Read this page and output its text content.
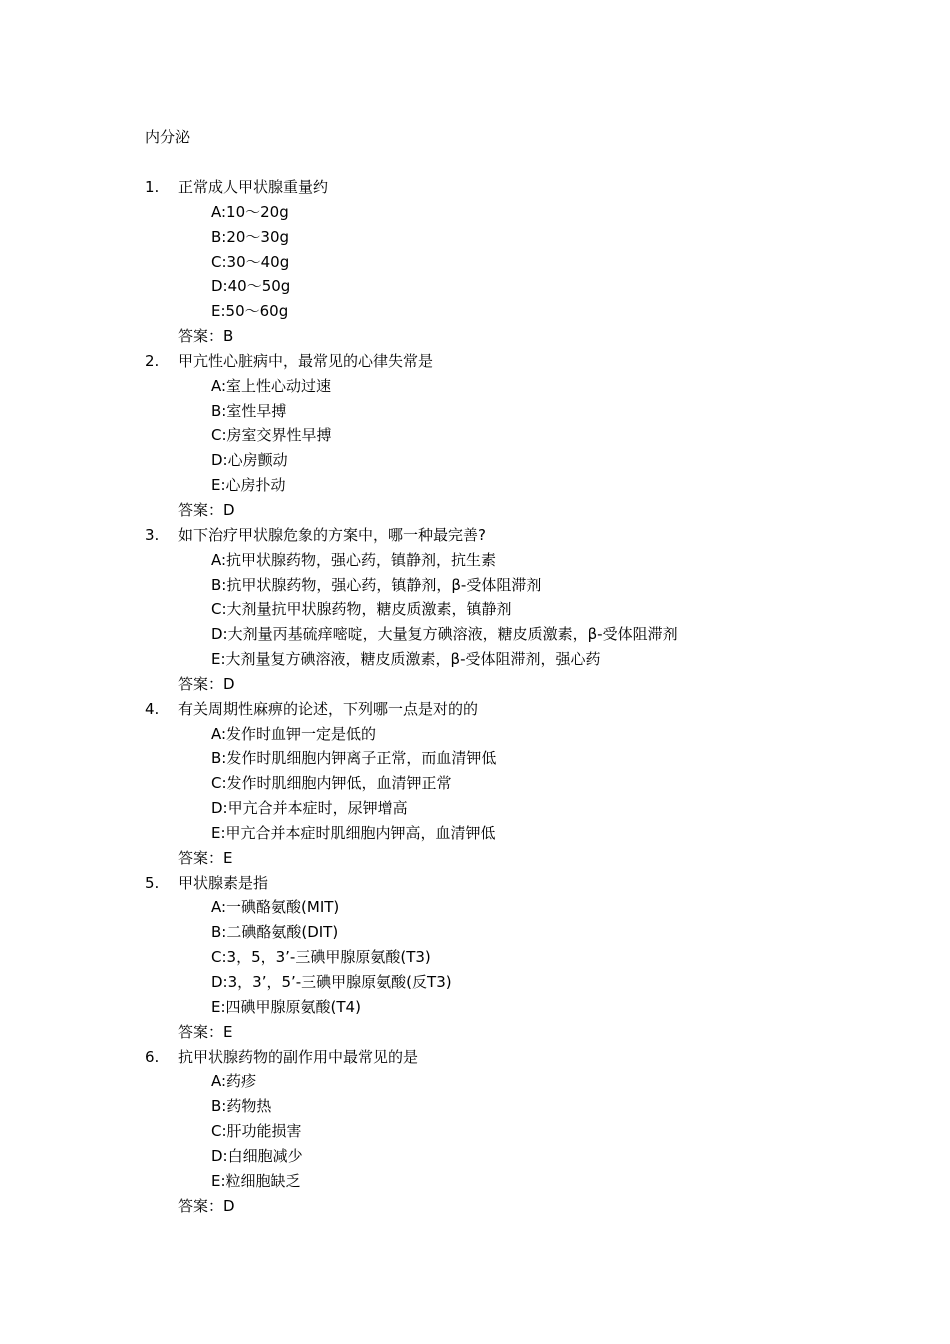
内分泌
1.	正常成人甲状腺重量约
A:10～20g
B:20～30g
C:30～40g
D:40～50g
E:50～60g
答案：B
2.	甲亢性心脏病中，最常见的心律失常是
A:室上性心动过速
B:室性早搏
C:房室交界性早搏
D:心房颤动
E:心房扑动
答案：D
3.	如下治疗甲状腺危象的方案中，哪一种最完善?
A:抗甲状腺药物，强心药，镇静剂，抗生素
B:抗甲状腺药物，强心药，镇静剂，β-受体阻滞剂
C:大剂量抗甲状腺药物，糖皮质激素，镇静剂
D:大剂量丙基硫痒嘧啶，大量复方碘溶液，糖皮质激素，β-受体阻滞剂
E:大剂量复方碘溶液，糖皮质激素，β-受体阻滞剂，强心药
答案：D
4.	有关周期性麻痹的论述，下列哪一点是对的的
A:发作时血钾一定是低的
B:发作时肌细胞内钾离子正常，而血清钾低
C:发作时肌细胞内钾低，血清钾正常
D:甲亢合并本症时，尿钾增高
E:甲亢合并本症时肌细胞内钾高，血清钾低
答案：E
5.	甲状腺素是指
A:一碘酪氨酸(MIT)
B:二碘酪氨酸(DIT)
C:3，5，3’-三碘甲腺原氨酸(T3)
D:3，3’，5’-三碘甲腺原氨酸(反T3)
E:四碘甲腺原氨酸(T4)
答案：E
6.	抗甲状腺药物的副作用中最常见的是
A:药疹
B:药物热
C:肝功能损害
D:白细胞减少
E:粒细胞缺乏
答案：D
